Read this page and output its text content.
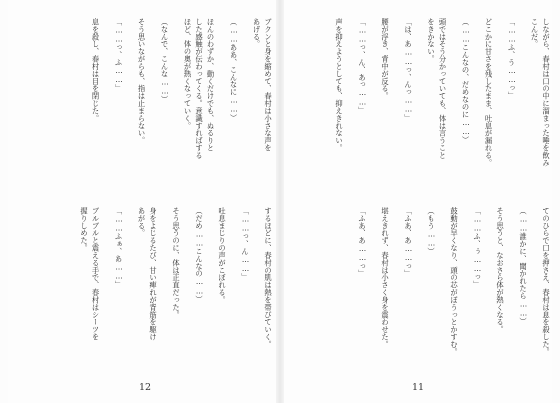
ブクンと身を縮めて、春村は小さな声を
あげる。

（……ああ、こんなに……）

ほんのわずか、動くだけでも、ぬるりと
した感触が伝わってくる。意識すればする
ほど、体の奥が熱くなっていく。

（なんで、こんな……）

そう思いながらも、指は止まらない。

「……っ、ふ……」

息を殺し、春村は目を閉じた。
するほどに、春村の肌は熱を帯びていく。

「……っ、ん……」

吐息まじりの声がこぼれる。

（だめ……こんなの……）

そう思うのに、体は正直だった。

身をよじるたび、甘い痺れが背筋を駆け
あがる。

「……ふぁ、あ……」

ブルブルと震える手で、春村はシーツを
握りしめた。
12
しながら、春村は口の中に溜まった唾を飲み
こんだ。

「……ふ、う……っ」

どこかに甘さを残したまま、吐息が漏れる。

（……こんなの、だめなのに……）

頭ではそう分かっていても、体は言うこと
をきかない。

「は、あ……っ、んっ……」

腰が浮き、背中が反る。

「……っ、ん、あっ……」

声を抑えようとしても、抑えきれない。
てのひらで口を押さえ、春村は息を殺した。

（……誰かに、聞かれたら……）

そう思うと、なおさら体が熱くなる。

「……ふ、ぅ……っ」

鼓動が早くなり、頭の芯がぼうっとかすむ。

（もう……）

「ふあ、あ……っ」

堪えきれず、春村は小さく身を震わせた。

「ふあ、あ……っ」
11
